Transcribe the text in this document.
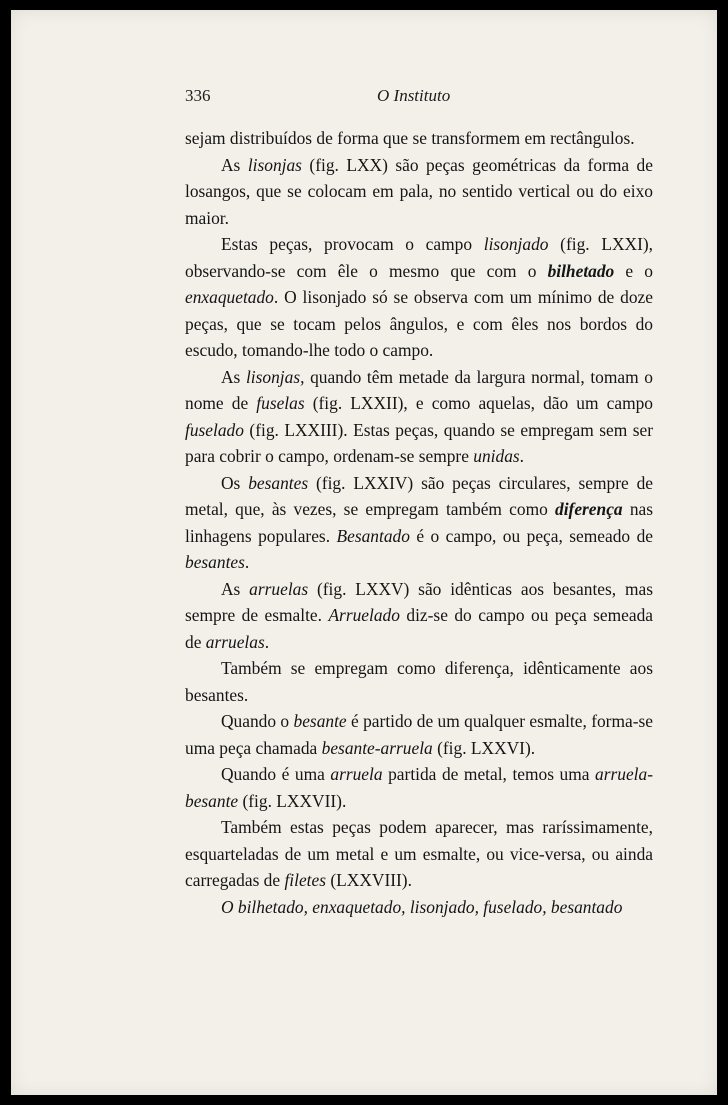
336	O Instituto

sejam distribuídos de forma que se transformem em rectângulos.

As lisonjas (fig. LXX) são peças geométricas da forma de losangos, que se colocam em pala, no sentido vertical ou do eixo maior.

Estas peças, provocam o campo lisonjado (fig. LXXI), observando-se com êle o mesmo que com o bilhetado e o enxaquetado. O lisonjado só se observa com um mínimo de doze peças, que se tocam pelos ângulos, e com êles nos bordos do escudo, tomando-lhe todo o campo.

As lisonjas, quando têm metade da largura normal, tomam o nome de fuselas (fig. LXXII), e como aquelas, dão um campo fuselado (fig. LXXIII). Estas peças, quando se empregam sem ser para cobrir o campo, ordenam-se sempre unidas.

Os besantes (fig. LXXIV) são peças circulares, sempre de metal, que, às vezes, se empregam também como diferença nas linhagens populares. Besantado é o campo, ou peça, semeado de besantes.

As arruelas (fig. LXXV) são idênticas aos besantes, mas sempre de esmalte. Arruelado diz-se do campo ou peça semeada de arruelas.

Também se empregam como diferença, idênticamente aos besantes.

Quando o besante é partido de um qualquer esmalte, forma-se uma peça chamada besante-arruela (fig. LXXVI).

Quando é uma arruela partida de metal, temos uma arruela-besante (fig. LXXVII).

Também estas peças podem aparecer, mas raríssimamente, esquarteladas de um metal e um esmalte, ou vice-versa, ou ainda carregadas de filetes (LXXVIII).

O bilhetado, enxaquetado, lisonjado, fuselado, besantado
